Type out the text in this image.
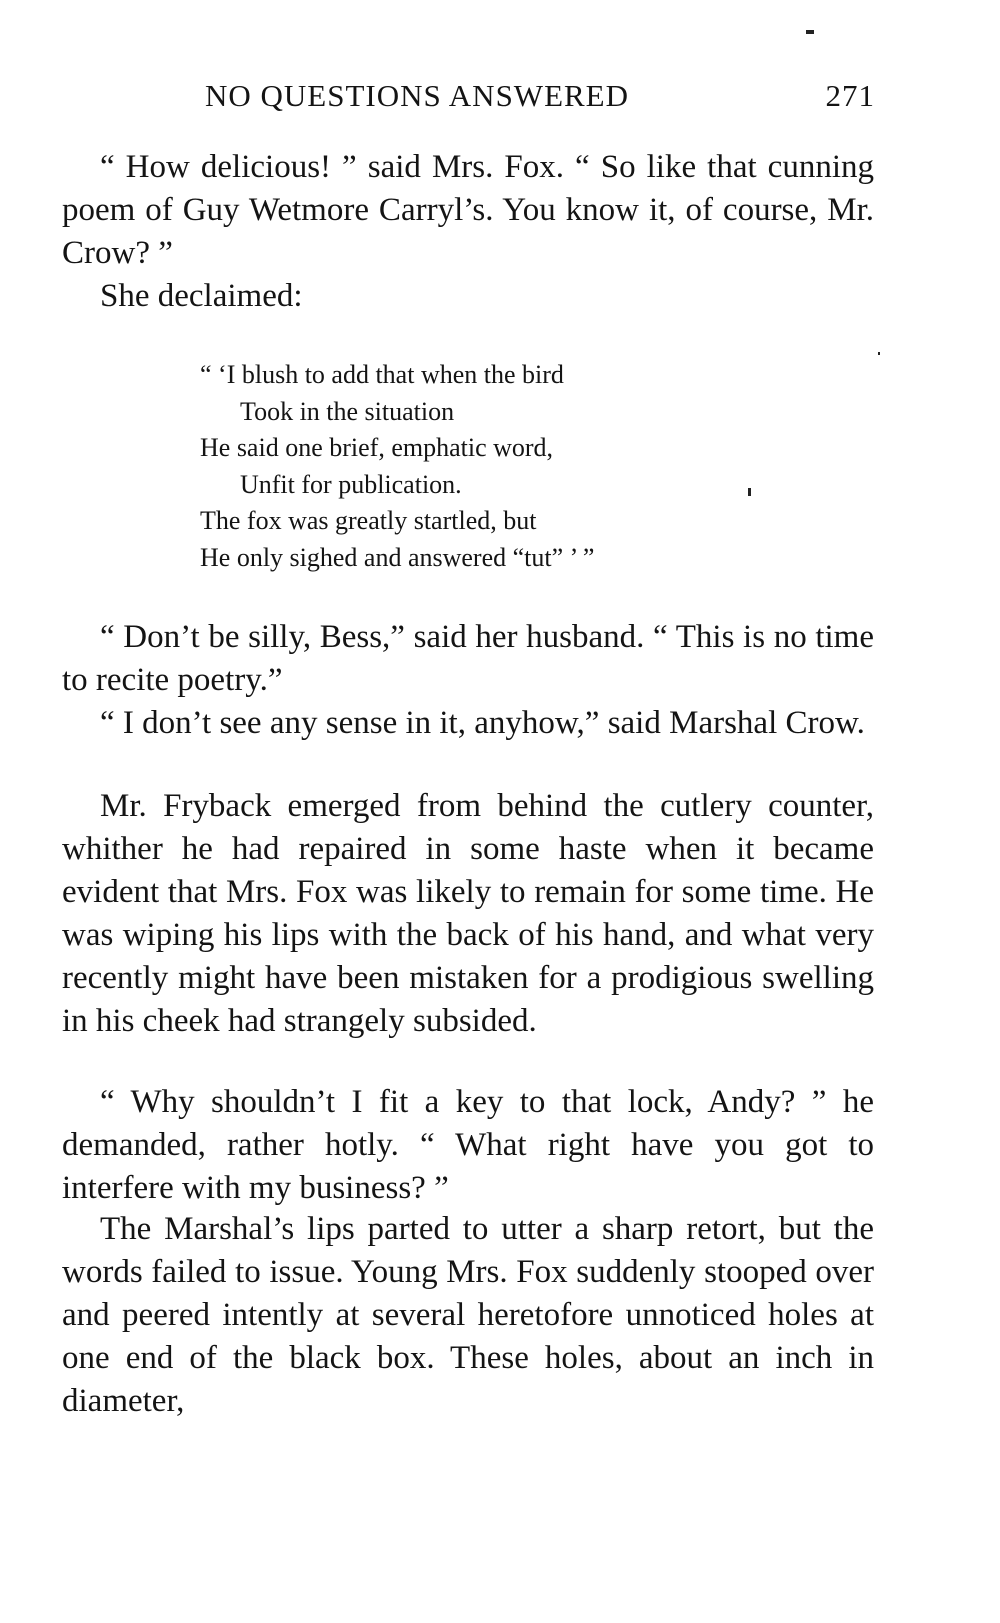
NO QUESTIONS ANSWERED	271

“ How delicious! ” said Mrs. Fox. “ So like that cunning poem of Guy Wetmore Carryl’s. You know it, of course, Mr. Crow? ”

She declaimed:

“ ‘I blush to add that when the bird
Took in the situation
He said one brief, emphatic word,
Unfit for publication.
The fox was greatly startled, but
He only sighed and answered “tut” ’ ”

“ Don’t be silly, Bess,” said her husband. “ This is no time to recite poetry.”

“ I don’t see any sense in it, anyhow,” said Marshal Crow.

Mr. Fryback emerged from behind the cutlery counter, whither he had repaired in some haste when it became evident that Mrs. Fox was likely to remain for some time. He was wiping his lips with the back of his hand, and what very recently might have been mistaken for a prodigious swelling in his cheek had strangely subsided.

“ Why shouldn’t I fit a key to that lock, Andy? ” he demanded, rather hotly. “ What right have you got to interfere with my business? ”

The Marshal’s lips parted to utter a sharp retort, but the words failed to issue. Young Mrs. Fox suddenly stooped over and peered intently at several heretofore unnoticed holes at one end of the black box. These holes, about an inch in diameter,
